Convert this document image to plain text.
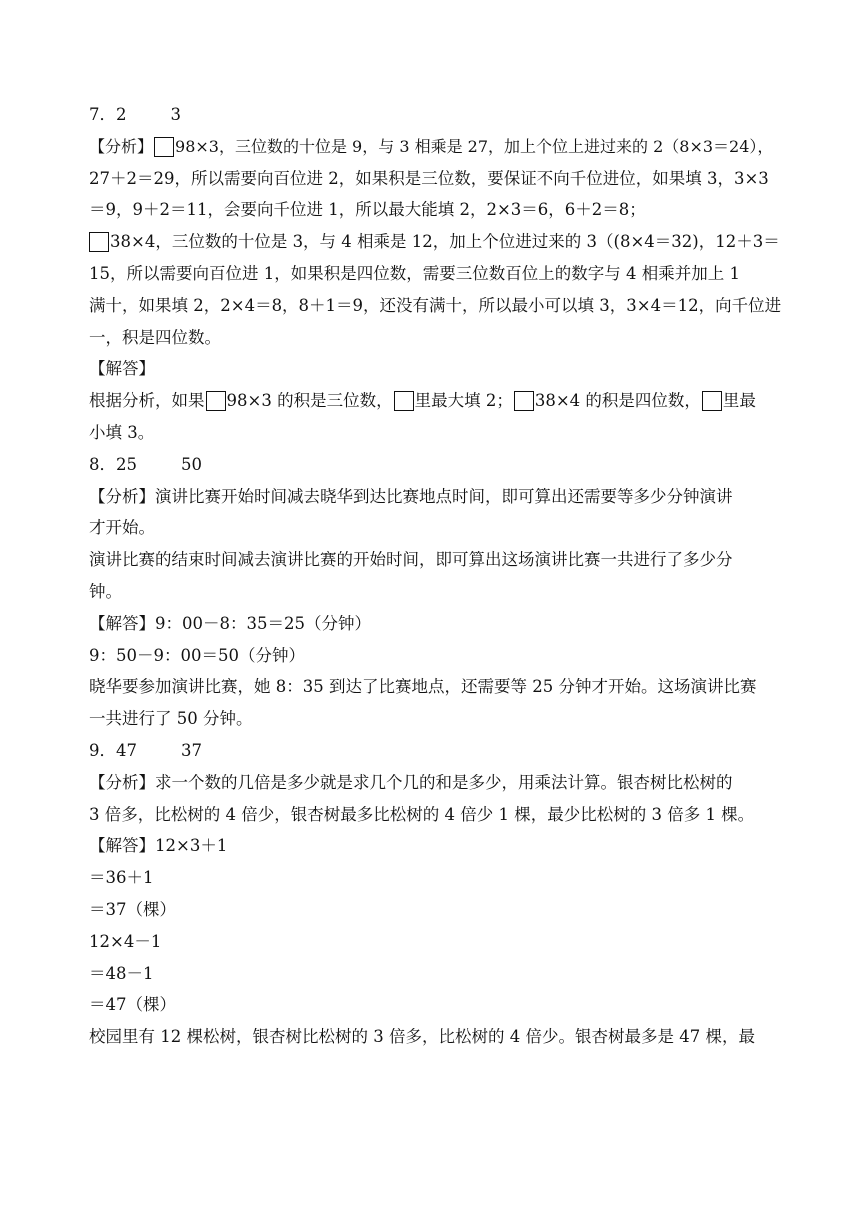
7．2	3
【分析】 98×3，三位数的十位是 9，与 3 相乘是 27，加上个位上进过来的 2（8×3＝24），
27＋2＝29，所以需要向百位进 2，如果积是三位数，要保证不向千位进位，如果填 3，3×3
＝9，9＋2＝11，会要向千位进 1，所以最大能填 2，2×3＝6，6＋2＝8；
38×4，三位数的十位是 3，与 4 相乘是 12，加上个位进过来的 3（(8×4＝32)，12＋3＝
15，所以需要向百位进 1，如果积是四位数，需要三位数百位上的数字与 4 相乘并加上 1
满十，如果填 2，2×4＝8，8＋1＝9，还没有满十，所以最小可以填 3，3×4＝12，向千位进
一，积是四位数。
【解答】
根据分析，如果 98×3 的积是三位数， 里最大填 2； 38×4 的积是四位数， 里最
小填 3。
8．25	50
【分析】演讲比赛开始时间减去晓华到达比赛地点时间，即可算出还需要等多少分钟演讲
才开始。
演讲比赛的结束时间减去演讲比赛的开始时间，即可算出这场演讲比赛一共进行了多少分
钟。
【解答】9：00－8：35＝25（分钟）
9：50－9：00＝50（分钟）
晓华要参加演讲比赛，她 8：35 到达了比赛地点，还需要等 25 分钟才开始。这场演讲比赛
一共进行了 50 分钟。
9．47	37
【分析】求一个数的几倍是多少就是求几个几的和是多少，用乘法计算。银杏树比松树的
3 倍多，比松树的 4 倍少，银杏树最多比松树的 4 倍少 1 棵，最少比松树的 3 倍多 1 棵。
【解答】12×3＋1
＝36＋1
＝37（棵）
12×4－1
＝48－1
＝47（棵）
校园里有 12 棵松树，银杏树比松树的 3 倍多，比松树的 4 倍少。银杏树最多是 47 棵，最
